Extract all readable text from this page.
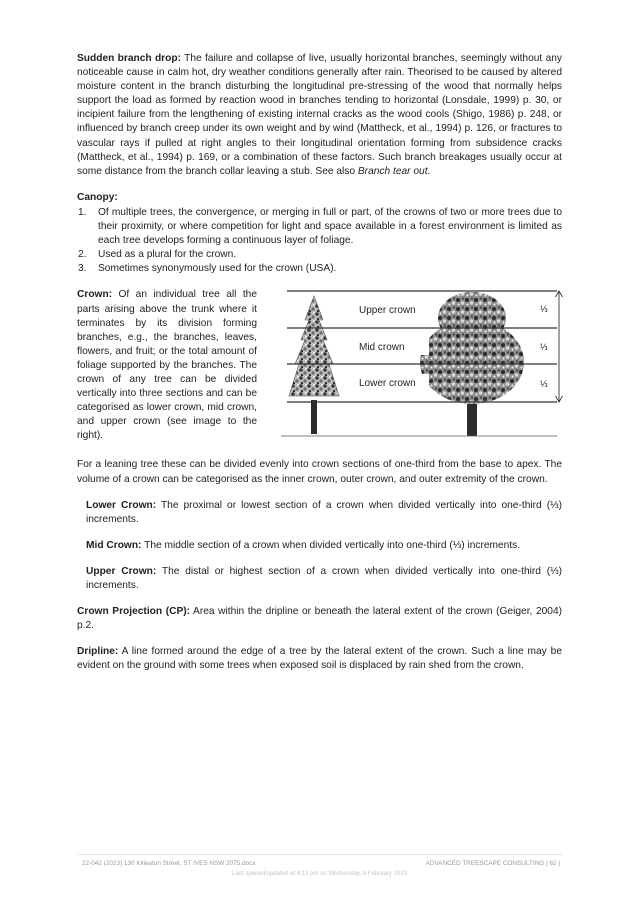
Sudden branch drop: The failure and collapse of live, usually horizontal branches, seemingly without any noticeable cause in calm hot, dry weather conditions generally after rain. Theorised to be caused by altered moisture content in the branch disturbing the longitudinal pre-stressing of the wood that normally helps support the load as formed by reaction wood in branches tending to horizontal (Lonsdale, 1999) p. 30, or incipient failure from the lengthening of existing internal cracks as the wood cools (Shigo, 1986) p. 248, or influenced by branch creep under its own weight and by wind (Mattheck, et al., 1994) p. 126, or fractures to vascular rays if pulled at right angles to their longitudinal orientation forming from subsidence cracks (Mattheck, et al., 1994) p. 169, or a combination of these factors. Such branch breakages usually occur at some distance from the branch collar leaving a stub. See also Branch tear out.

Canopy:
1. Of multiple trees, the convergence, or merging in full or part, of the crowns of two or more trees due to their proximity, or where competition for light and space available in a forest environment is limited as each tree develops forming a continuous layer of foliage.
2. Used as a plural for the crown.
3. Sometimes synonymously used for the crown (USA).

Crown: Of an individual tree all the parts arising above the trunk where it terminates by its division forming branches, e.g., the branches, leaves, flowers, and fruit; or the total amount of foliage supported by the branches. The crown of any tree can be divided vertically into three sections and can be categorised as lower crown, mid crown, and upper crown (see image to the right).

Upper crown
Mid crown
Lower crown
⅓
⅓
⅓

For a leaning tree these can be divided evenly into crown sections of one-third from the base to apex. The volume of a crown can be categorised as the inner crown, outer crown, and outer extremity of the crown.

Lower Crown: The proximal or lowest section of a crown when divided vertically into one-third (⅓) increments.

Mid Crown: The middle section of a crown when divided vertically into one-third (⅓) increments.

Upper Crown: The distal or highest section of a crown when divided vertically into one-third (⅓) increments.

Crown Projection (CP): Area within the dripline or beneath the lateral extent of the crown (Geiger, 2004) p.2.

Dripline: A line formed around the edge of a tree by the lateral extent of the crown. Such a line may be evident on the ground with some trees when exposed soil is displaced by rain shed from the crown.

22-042 (2023) 130 Killeaton Street, ST IVES NSW 2075.docx	ADVANCED TREESCAPE CONSULTING | 62 |
Last opened/updated at 4:13 pm on Wednesday, 8 February 2023
